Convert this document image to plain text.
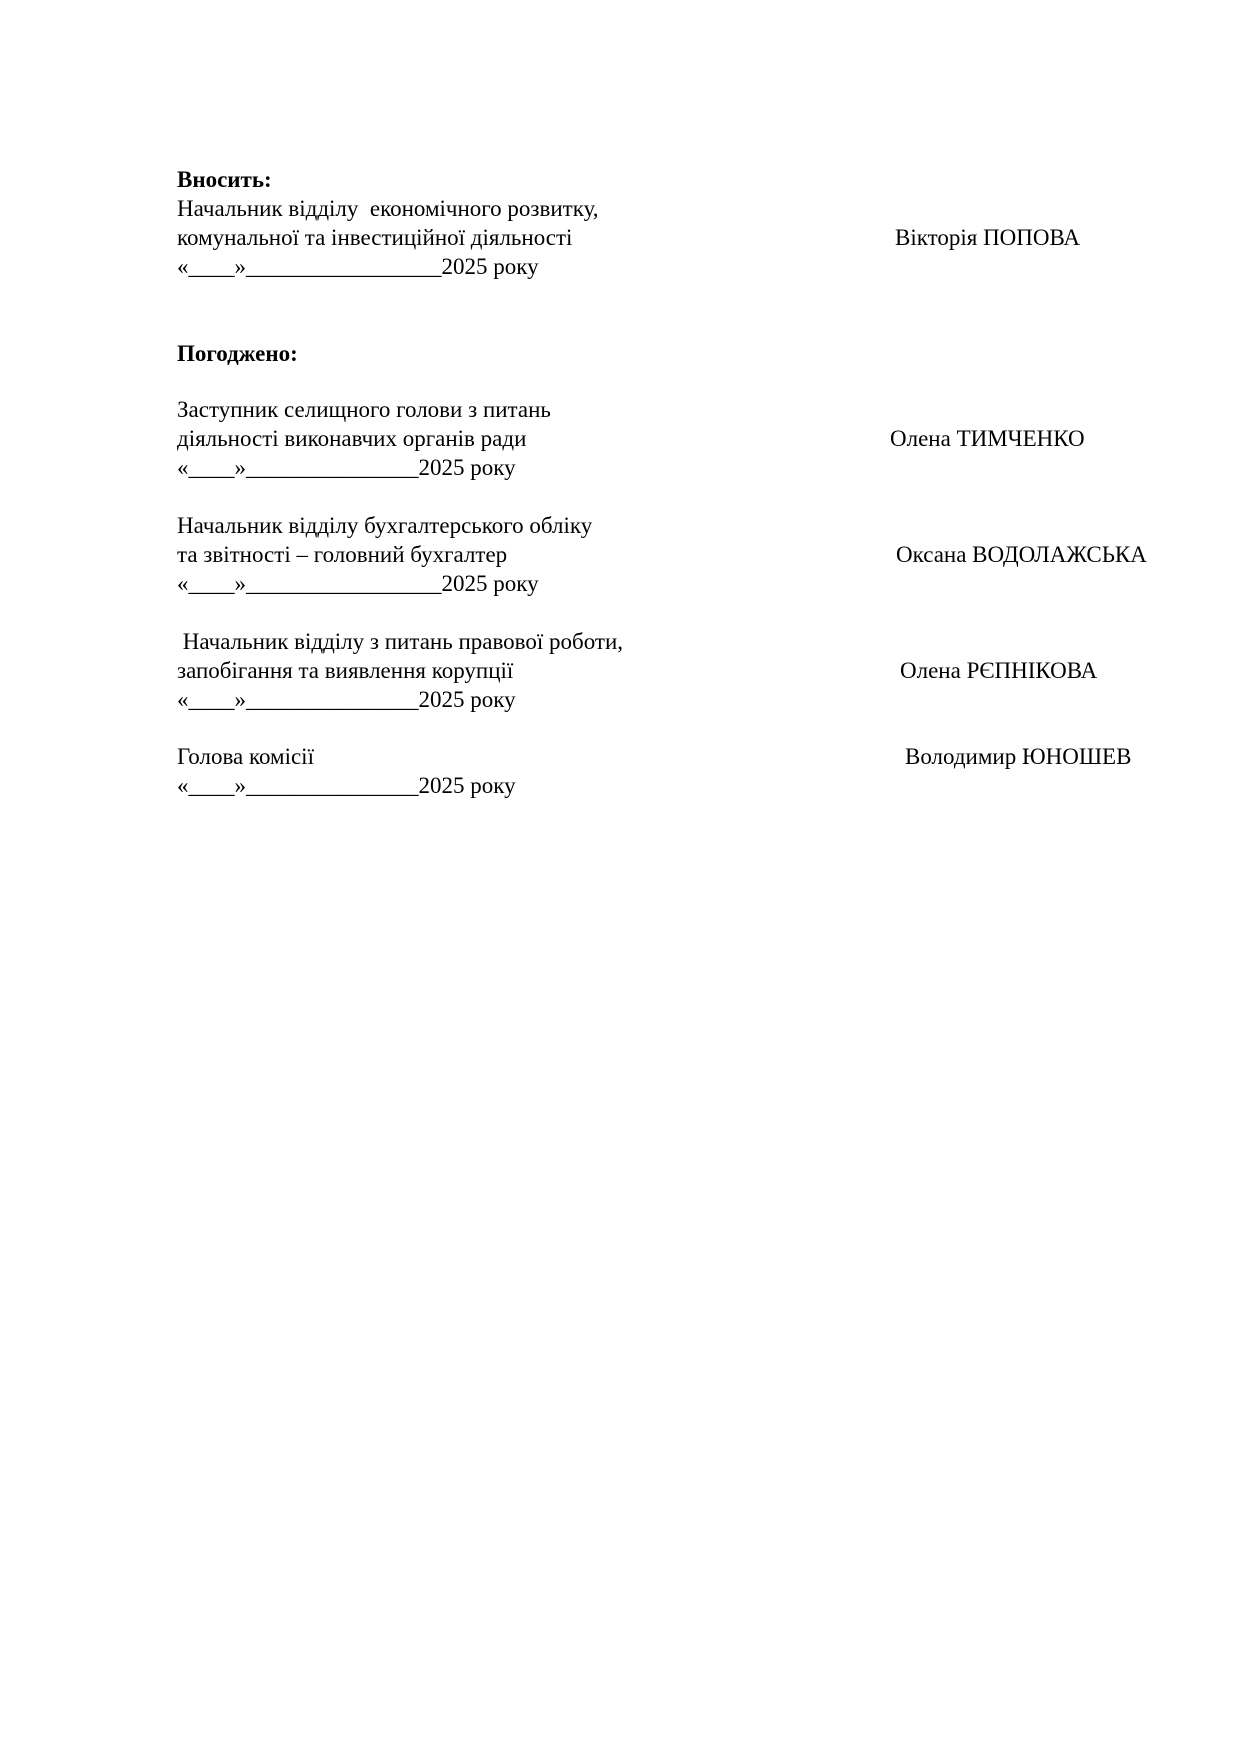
Вносить:
Начальник відділу  економічного розвитку,
комунальної та інвестиційної діяльності	Вікторія ПОПОВА
«____»_________________2025 року
Погоджено:
Заступник селищного голови з питань
діяльності виконавчих органів ради	Олена ТИМЧЕНКО
«____»_______________2025 року
Начальник відділу бухгалтерського обліку
та звітності – головний бухгалтер	Оксана ВОДОЛАЖСЬКА
«____»_________________2025 року
Начальник відділу з питань правової роботи,
запобігання та виявлення корупції	Олена РЄПНІКОВА
«____»_______________2025 року
Голова комісії	Володимир ЮНОШЕВ
«____»_______________2025 року
